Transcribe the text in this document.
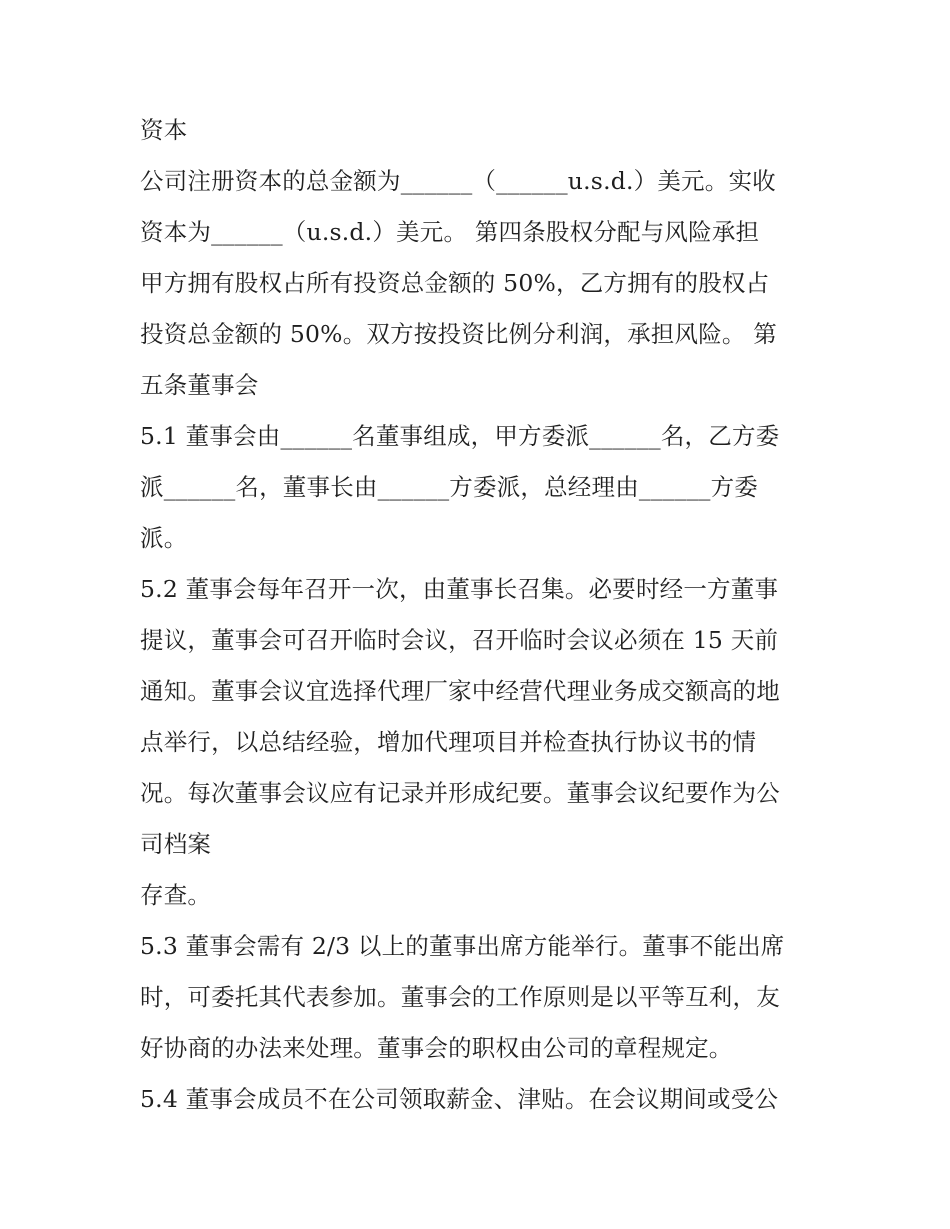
资本
公司注册资本的总金额为______（______u.s.d.）美元。实收
资本为______（u.s.d.）美元。 第四条股权分配与风险承担
甲方拥有股权占所有投资总金额的 50%，乙方拥有的股权占
投资总金额的 50%。双方按投资比例分利润，承担风险。 第
五条董事会
5.1 董事会由______名董事组成，甲方委派______名，乙方委
派______名，董事长由______方委派，总经理由______方委
派。
5.2 董事会每年召开一次，由董事长召集。必要时经一方董事
提议，董事会可召开临时会议，召开临时会议必须在 15 天前
通知。董事会议宜选择代理厂家中经营代理业务成交额高的地
点举行，以总结经验，增加代理项目并检查执行协议书的情
况。每次董事会议应有记录并形成纪要。董事会议纪要作为公
司档案
存查。
5.3 董事会需有 2/3 以上的董事出席方能举行。董事不能出席
时，可委托其代表参加。董事会的工作原则是以平等互利，友
好协商的办法来处理。董事会的职权由公司的章程规定。
5.4 董事会成员不在公司领取薪金、津贴。在会议期间或受公
